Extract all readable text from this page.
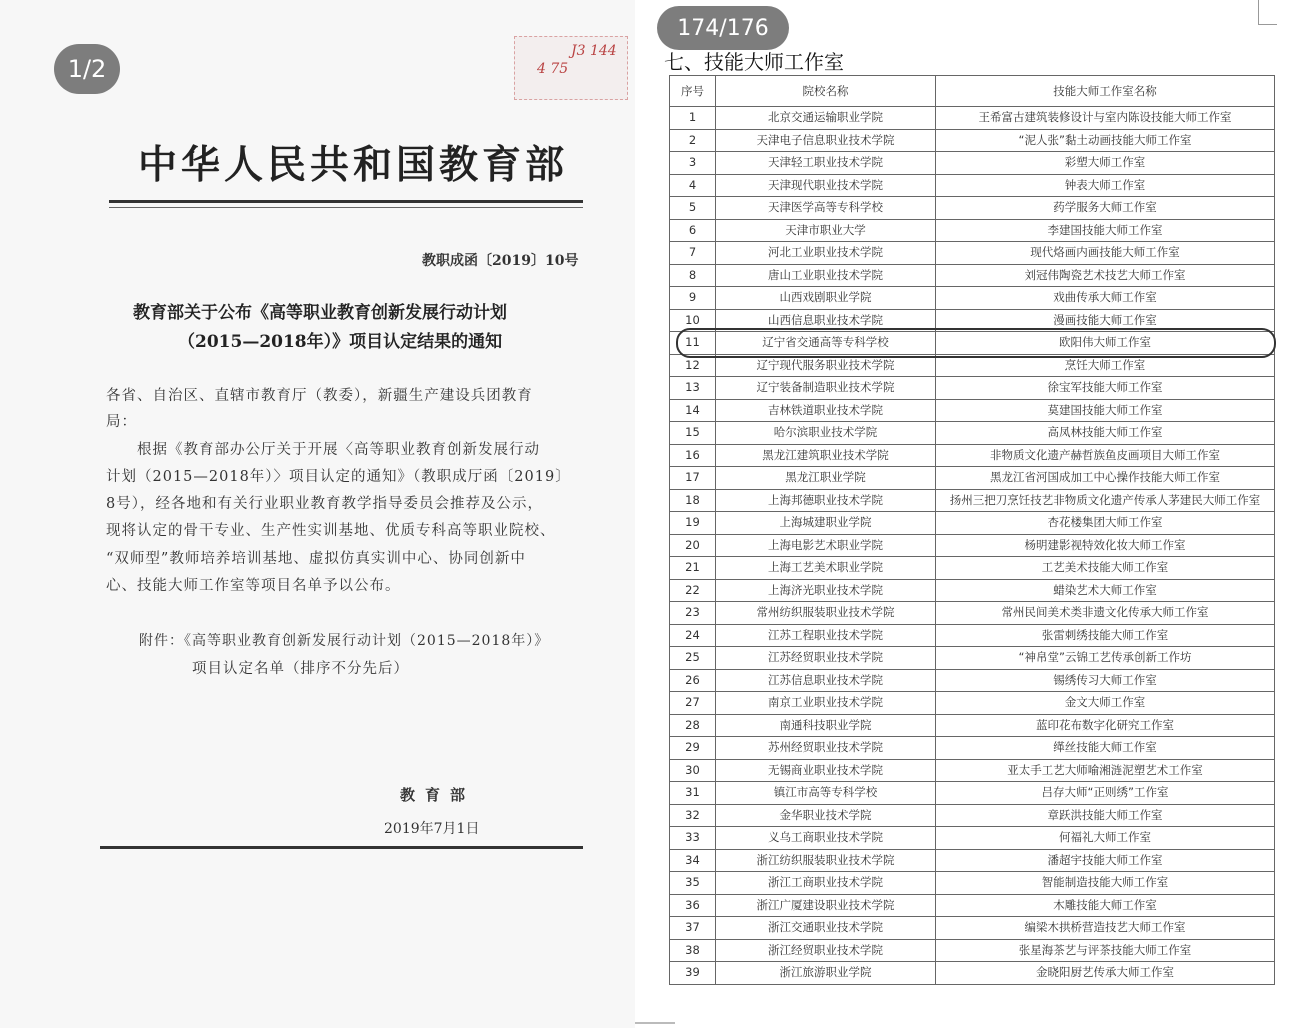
J3 144
4 75
中华人民共和国教育部
教职成函〔2019〕10号
教育部关于公布《高等职业教育创新发展行动计划
（2015—2018年）》项目认定结果的通知
各省、自治区、直辖市教育厅（教委），新疆生产建设兵团教育
局：
　　根据《教育部办公厅关于开展〈高等职业教育创新发展行动
计划（2015—2018年）〉项目认定的通知》（教职成厅函〔2019〕
8号），经各地和有关行业职业教育教学指导委员会推荐及公示，
现将认定的骨干专业、生产性实训基地、优质专科高等职业院校、
“双师型”教师培养培训基地、虚拟仿真实训中心、协同创新中
心、技能大师工作室等项目名单予以公布。
附件：《高等职业教育创新发展行动计划（2015—2018年）》
项目认定名单（排序不分先后）
教育部
2019年7月1日
1/2
174/176
七、技能大师工作室
序号	院校名称	技能大师工作室名称
1	北京交通运输职业学院	王希富古建筑装修设计与室内陈设技能大师工作室
2	天津电子信息职业技术学院	“泥人张”黏土动画技能大师工作室
3	天津轻工职业技术学院	彩塑大师工作室
4	天津现代职业技术学院	钟表大师工作室
5	天津医学高等专科学校	药学服务大师工作室
6	天津市职业大学	李建国技能大师工作室
7	河北工业职业技术学院	现代烙画内画技能大师工作室
8	唐山工业职业技术学院	刘冠伟陶瓷艺术技艺大师工作室
9	山西戏剧职业学院	戏曲传承大师工作室
10	山西信息职业技术学院	漫画技能大师工作室
11	辽宁省交通高等专科学校	欧阳伟大师工作室
12	辽宁现代服务职业技术学院	烹饪大师工作室
13	辽宁装备制造职业技术学院	徐宝军技能大师工作室
14	吉林铁道职业技术学院	莫建国技能大师工作室
15	哈尔滨职业技术学院	高凤林技能大师工作室
16	黑龙江建筑职业技术学院	非物质文化遗产赫哲族鱼皮画项目大师工作室
17	黑龙江职业学院	黑龙江省河国成加工中心操作技能大师工作室
18	上海邦德职业技术学院	扬州三把刀烹饪技艺非物质文化遗产传承人茅建民大师工作室
19	上海城建职业学院	杏花楼集团大师工作室
20	上海电影艺术职业学院	杨明建影视特效化妆大师工作室
21	上海工艺美术职业学院	工艺美术技能大师工作室
22	上海济光职业技术学院	蜡染艺术大师工作室
23	常州纺织服装职业技术学院	常州民间美术类非遗文化传承大师工作室
24	江苏工程职业技术学院	张雷刺绣技能大师工作室
25	江苏经贸职业技术学院	“神帛堂”云锦工艺传承创新工作坊
26	江苏信息职业技术学院	锡绣传习大师工作室
27	南京工业职业技术学院	金文大师工作室
28	南通科技职业学院	蓝印花布数字化研究工作室
29	苏州经贸职业技术学院	缂丝技能大师工作室
30	无锡商业职业技术学院	亚太手工艺大师喻湘涟泥塑艺术工作室
31	镇江市高等专科学校	吕存大师“正则绣”工作室
32	金华职业技术学院	章跃洪技能大师工作室
33	义乌工商职业技术学院	何福礼大师工作室
34	浙江纺织服装职业技术学院	潘超宇技能大师工作室
35	浙江工商职业技术学院	智能制造技能大师工作室
36	浙江广厦建设职业技术学院	木雕技能大师工作室
37	浙江交通职业技术学院	编梁木拱桥营造技艺大师工作室
38	浙江经贸职业技术学院	张星海茶艺与评茶技能大师工作室
39	浙江旅游职业学院	金晓阳厨艺传承大师工作室
